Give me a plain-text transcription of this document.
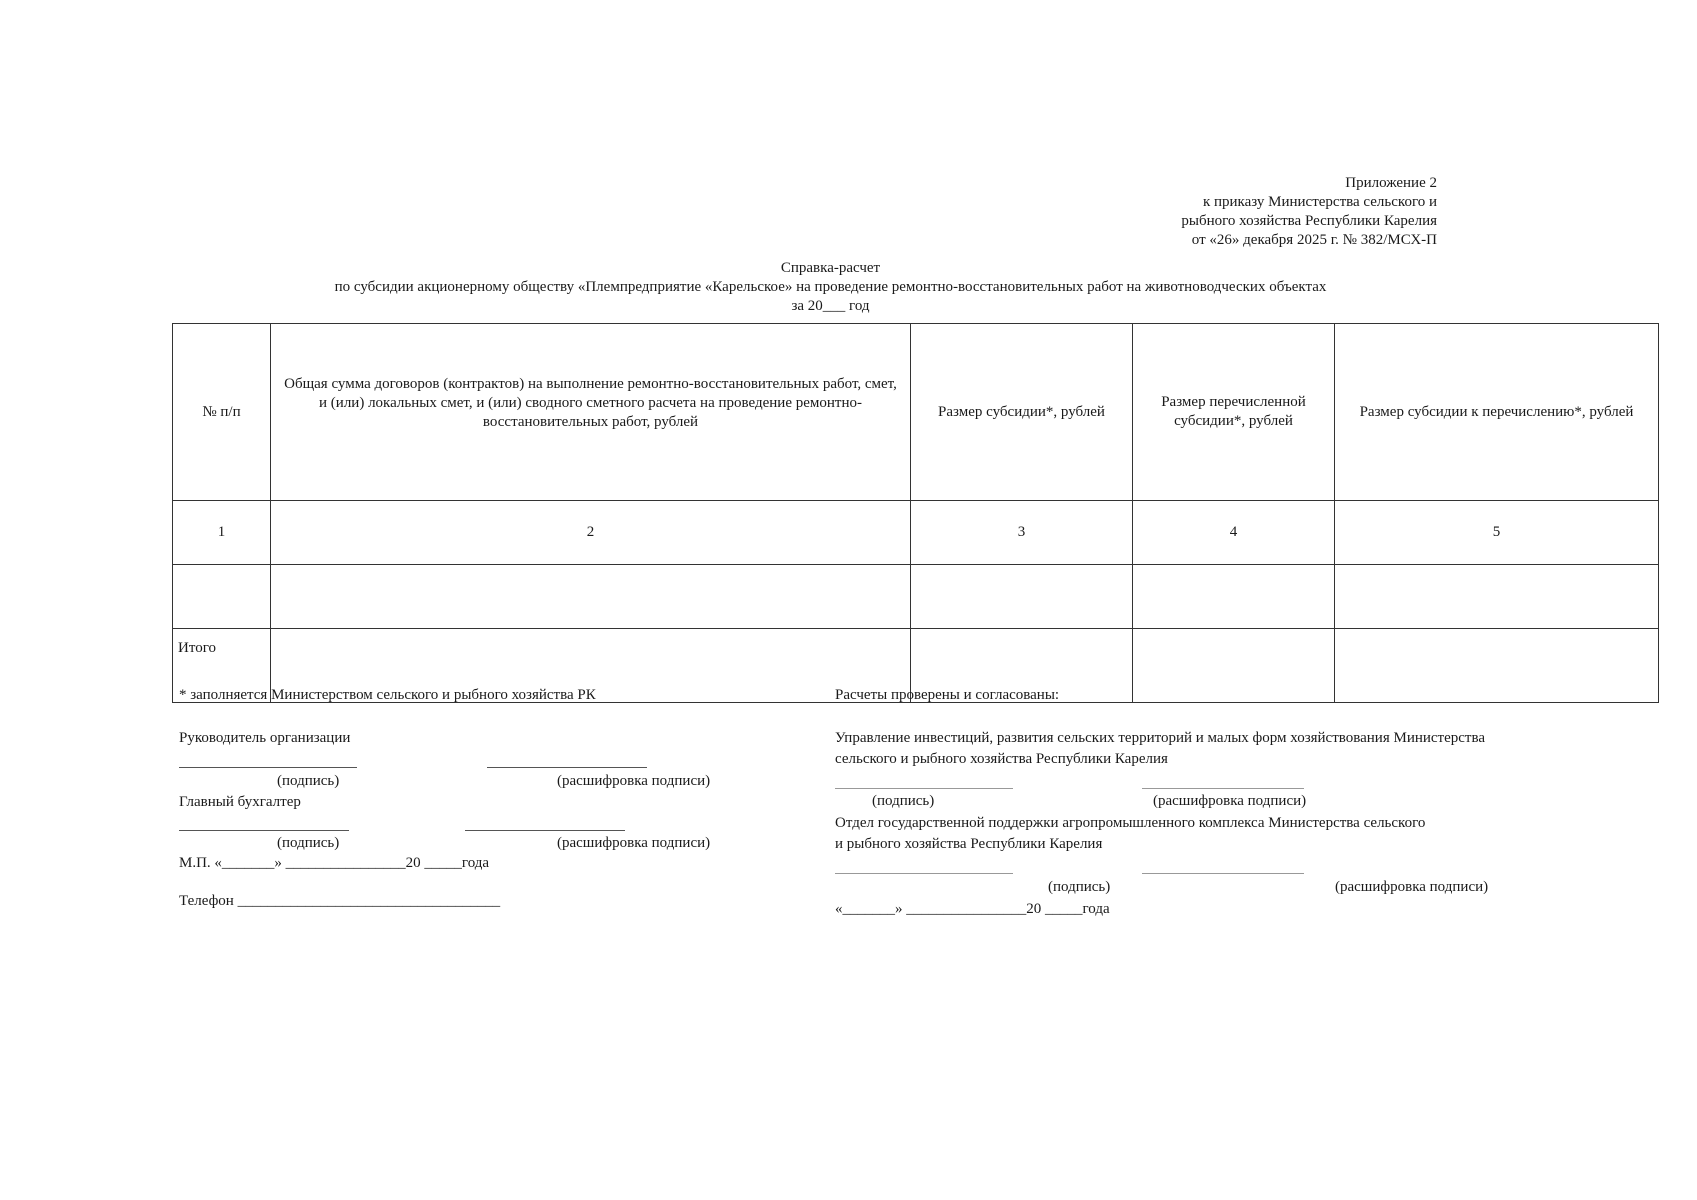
Приложение 2
к приказу Министерства сельского и
рыбного хозяйства Республики Карелия
от «26» декабря 2025 г. № 382/МСХ-П
Справка-расчет
по субсидии акционерному обществу «Племпредприятие «Карельское» на проведение ремонтно-восстановительных работ на животноводческих объектах
за 20___ год
№ п/п	Общая сумма договоров (контрактов) на выполнение ремонтно-восстановительных работ, смет, и (или) локальных смет, и (или) сводного сметного расчета на проведение ремонтно-восстановительных работ, рублей	Размер субсидии*, рублей	Размер перечисленной субсидии*, рублей	Размер субсидии к перечислению*, рублей
1	2	3	4	5

Итого				
* заполняется Министерством сельского и рыбного хозяйства РК
Руководитель организации
(подпись)	(расшифровка подписи)
Главный бухгалтер
(подпись)	(расшифровка подписи)
М.П. «_______» ________________20 _____года
Телефон ___________________________________
Расчеты проверены и согласованы:
Управление инвестиций, развития сельских территорий и малых форм хозяйствования Министерства
сельского и рыбного хозяйства Республики Карелия
(подпись)	(расшифровка подписи)
Отдел государственной поддержки агропромышленного комплекса Министерства сельского
и рыбного хозяйства Республики Карелия
(подпись)	(расшифровка подписи)
«_______» ________________20 _____года
